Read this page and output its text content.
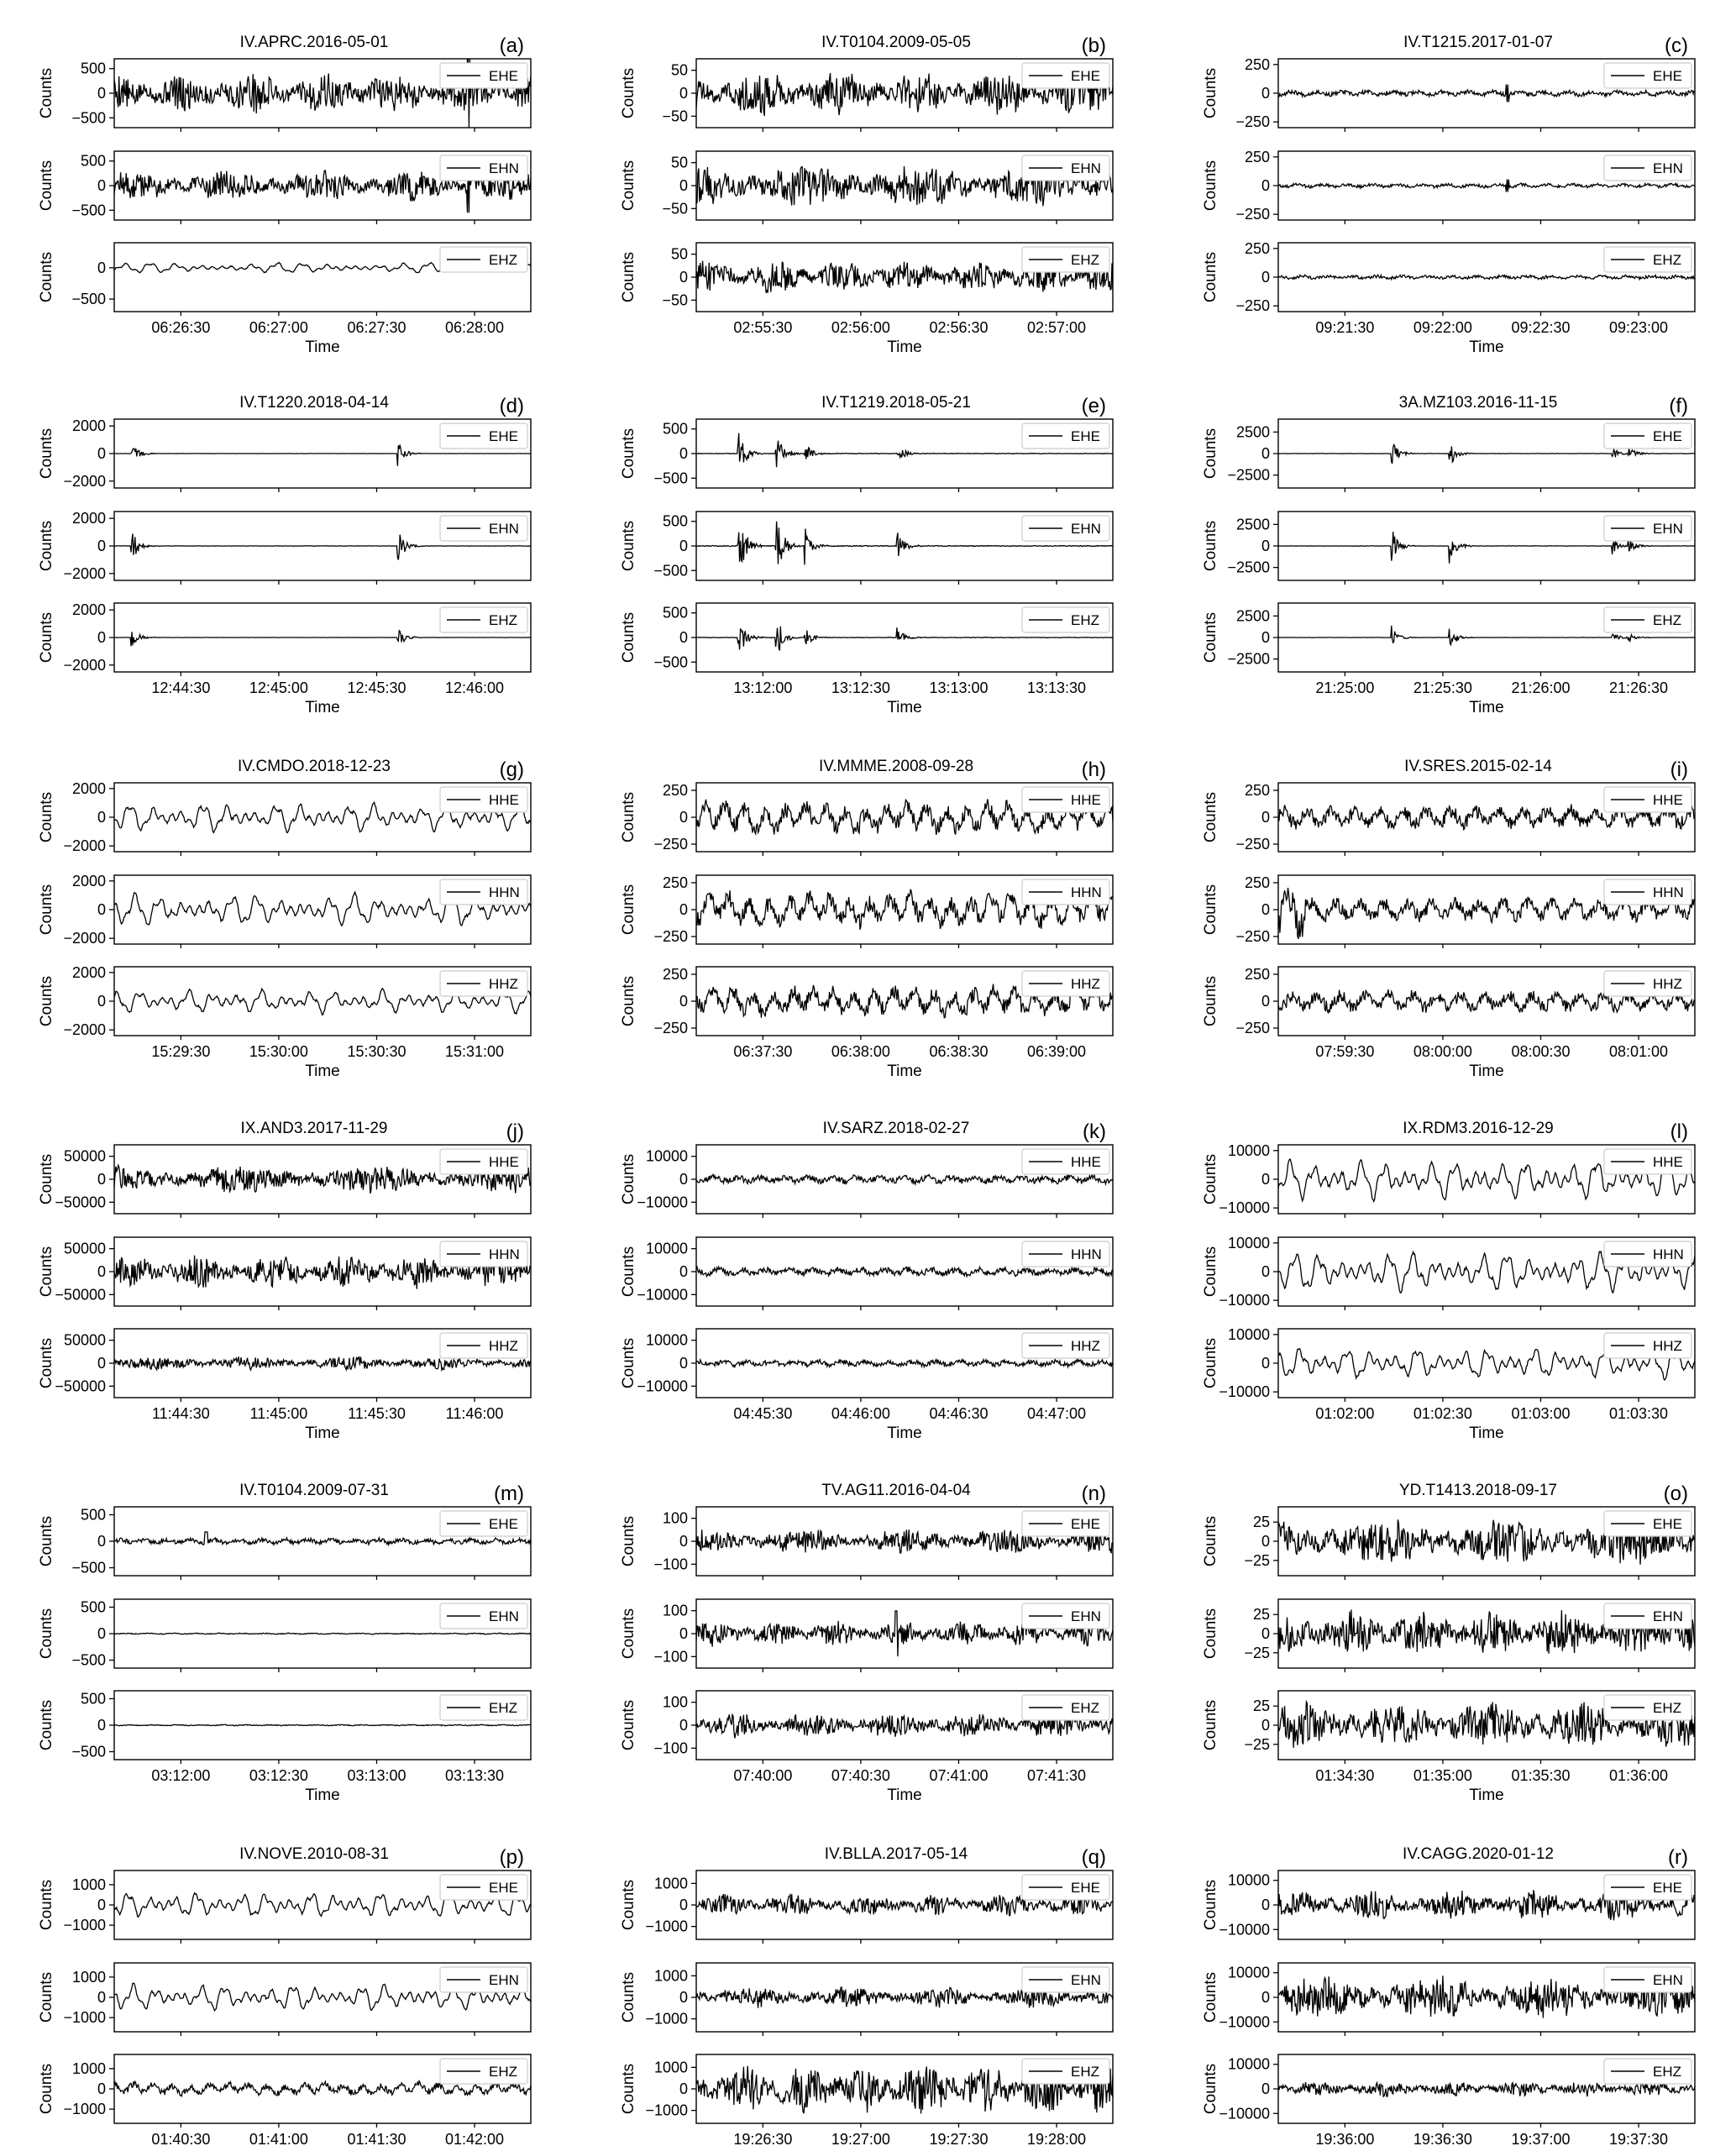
IV.APRC.2016-05-01	(a)
500
0
−500
Counts	EHE
500
0
−500
Counts	EHN
0
−500
Counts	EHZ
06:26:30	06:27:00	06:27:30	06:28:00
Time
IV.T0104.2009-05-05	(b)
50
0
−50
Counts	EHE
50
0
−50
Counts	EHN
50
0
−50
Counts	EHZ
02:55:30	02:56:00	02:56:30	02:57:00
Time
IV.T1215.2017-01-07	(c)
250
0
−250
Counts	EHE
250
0
−250
Counts	EHN
250
0
−250
Counts	EHZ
09:21:30	09:22:00	09:22:30	09:23:00
Time
IV.T1220.2018-04-14	(d)
2000
0
−2000
Counts	EHE
2000
0
−2000
Counts	EHN
2000
0
−2000
Counts	EHZ
12:44:30	12:45:00	12:45:30	12:46:00
Time
IV.T1219.2018-05-21	(e)
500
0
−500
Counts	EHE
500
0
−500
Counts	EHN
500
0
−500
Counts	EHZ
13:12:00	13:12:30	13:13:00	13:13:30
Time
3A.MZ103.2016-11-15	(f)
2500
0
−2500
Counts	EHE
2500
0
−2500
Counts	EHN
2500
0
−2500
Counts	EHZ
21:25:00	21:25:30	21:26:00	21:26:30
Time
IV.CMDO.2018-12-23	(g)
2000
0
−2000
Counts	HHE
2000
0
−2000
Counts	HHN
2000
0
−2000
Counts	HHZ
15:29:30	15:30:00	15:30:30	15:31:00
Time
IV.MMME.2008-09-28	(h)
250
0
−250
Counts	HHE
250
0
−250
Counts	HHN
250
0
−250
Counts	HHZ
06:37:30	06:38:00	06:38:30	06:39:00
Time
IV.SRES.2015-02-14	(i)
250
0
−250
Counts	HHE
250
0
−250
Counts	HHN
250
0
−250
Counts	HHZ
07:59:30	08:00:00	08:00:30	08:01:00
Time
IX.AND3.2017-11-29	(j)
50000
0
−50000
Counts	HHE
50000
0
−50000
Counts	HHN
50000
0
−50000
Counts	HHZ
11:44:30	11:45:00	11:45:30	11:46:00
Time
IV.SARZ.2018-02-27	(k)
10000
0
−10000
Counts	HHE
10000
0
−10000
Counts	HHN
10000
0
−10000
Counts	HHZ
04:45:30	04:46:00	04:46:30	04:47:00
Time
IX.RDM3.2016-12-29	(l)
10000
0
−10000
Counts	HHE
10000
0
−10000
Counts	HHN
10000
0
−10000
Counts	HHZ
01:02:00	01:02:30	01:03:00	01:03:30
Time
IV.T0104.2009-07-31	(m)
500
0
−500
Counts	EHE
500
0
−500
Counts	EHN
500
0
−500
Counts	EHZ
03:12:00	03:12:30	03:13:00	03:13:30
Time
TV.AG11.2016-04-04	(n)
100
0
−100
Counts	EHE
100
0
−100
Counts	EHN
100
0
−100
Counts	EHZ
07:40:00	07:40:30	07:41:00	07:41:30
Time
YD.T1413.2018-09-17	(o)
25
0
−25
Counts	EHE
25
0
−25
Counts	EHN
25
0
−25
Counts	EHZ
01:34:30	01:35:00	01:35:30	01:36:00
Time
IV.NOVE.2010-08-31	(p)
1000
0
−1000
Counts	EHE
1000
0
−1000
Counts	EHN
1000
0
−1000
Counts	EHZ
01:40:30	01:41:00	01:41:30	01:42:00
IV.BLLA.2017-05-14	(q)
1000
0
−1000
Counts	EHE
1000
0
−1000
Counts	EHN
1000
0
−1000
Counts	EHZ
19:26:30	19:27:00	19:27:30	19:28:00
IV.CAGG.2020-01-12	(r)
10000
0
−10000
Counts	EHE
10000
0
−10000
Counts	EHN
10000
0
−10000
Counts	EHZ
19:36:00	19:36:30	19:37:00	19:37:30
